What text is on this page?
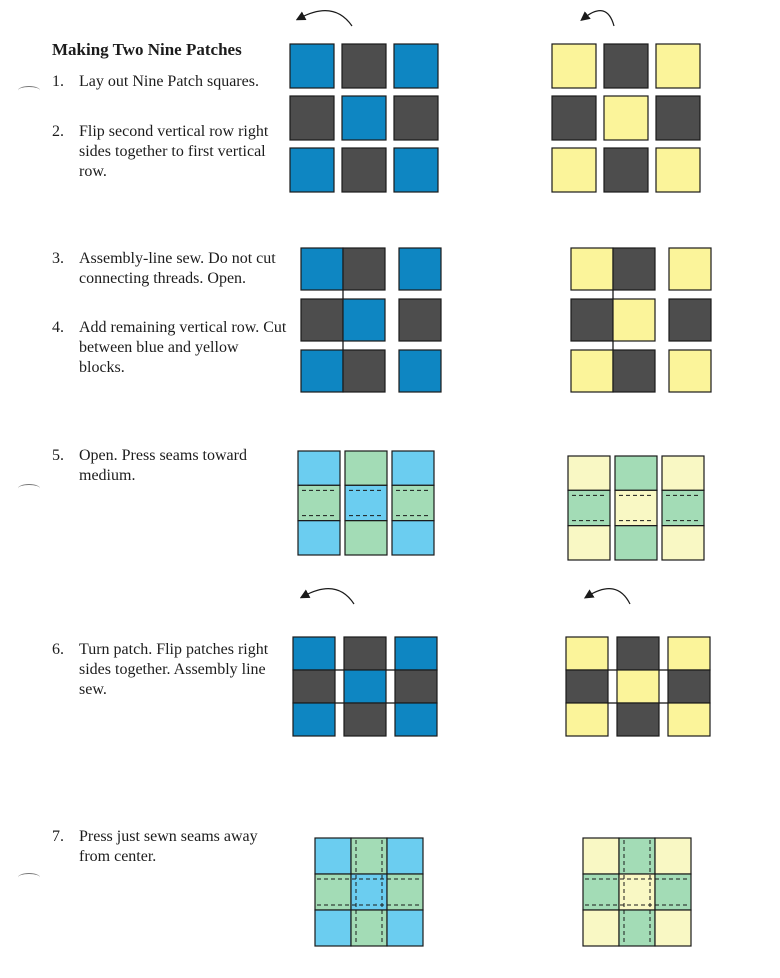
Making Two Nine Patches
1. Lay out Nine Patch squares.
2. Flip second vertical row right sides together to first vertical row.
3. Assembly-line sew. Do not cut connecting threads. Open.
4. Add remaining vertical row. Cut between blue and yellow blocks.
5. Open. Press seams toward medium.
6. Turn patch. Flip patches right sides together. Assembly line sew.
7. Press just sewn seams away from center.
